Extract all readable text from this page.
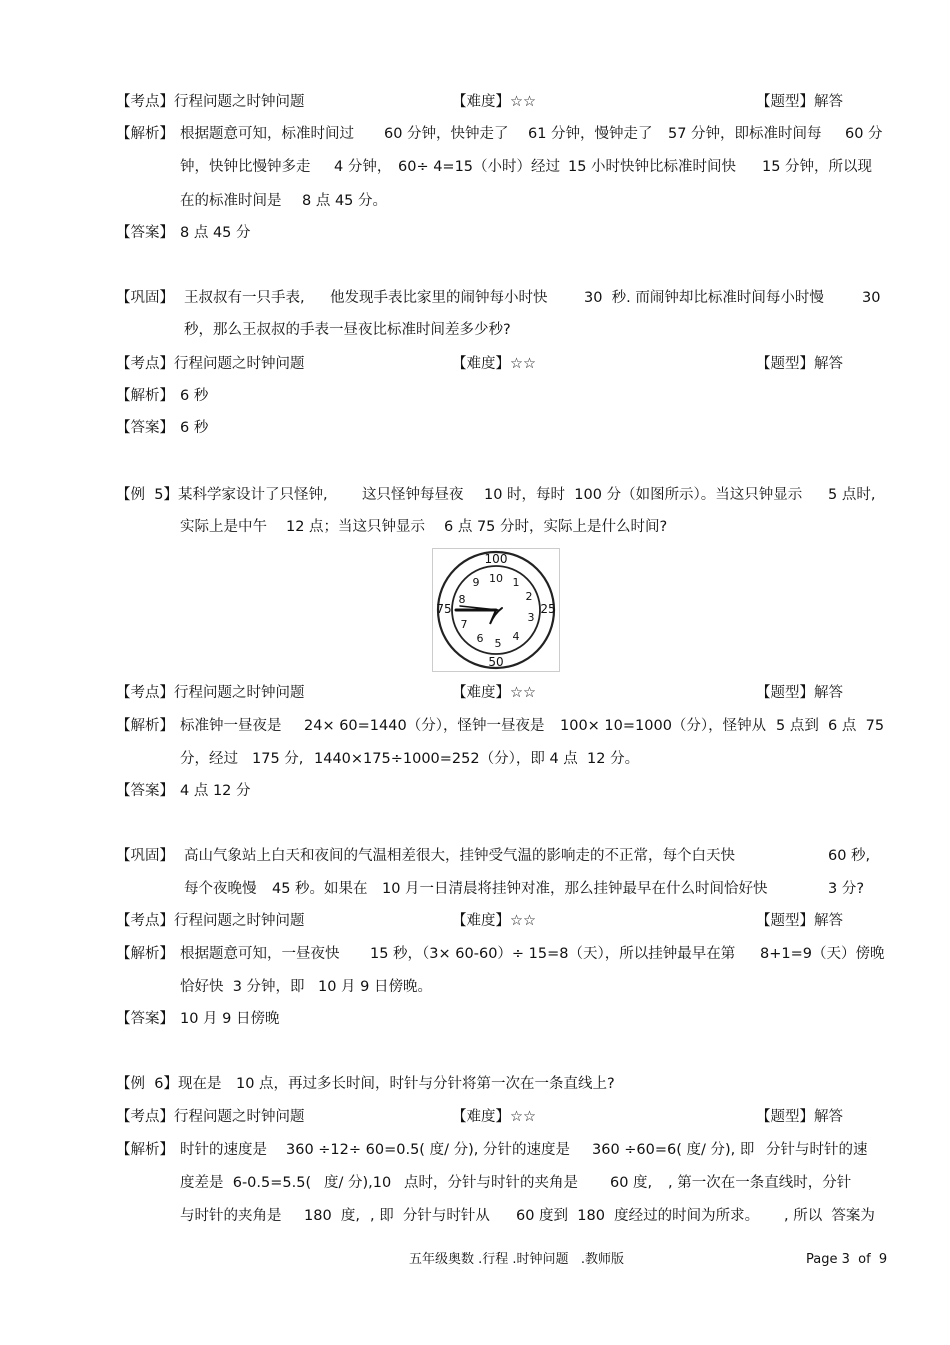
【考点】行程问题之时钟问题	【难度】☆☆	【题型】解答
【解析】 根据题意可知，标准时间过 60 分钟，快钟走了 61 分钟，慢钟走了 57 分钟，即标准时间每 60 分
钟，快钟比慢钟多走 4 分钟， 60÷ 4=15（小时）经过 15 小时快钟比标准时间快 15 分钟，所以现
在的标准时间是 8 点 45 分。
【答案】 8 点 45 分
【巩固】 王叔叔有一只手表, 他发现手表比家里的闹钟每小时快	30  秒. 而闹钟却比标准时间每小时慢	30
秒，那么王叔叔的手表一昼夜比标准时间差多少秒?
【考点】行程问题之时钟问题	【难度】☆☆	【题型】解答
【解析】 6 秒
【答案】 6 秒
【例  5】某科学家设计了只怪钟, 这只怪钟每昼夜 10 时，每时  100 分（如图所示）。当这只钟显示 5 点时,
实际上是中午 12 点；当这只钟显示 6 点 75 分时，实际上是什么时间?
【考点】行程问题之时钟问题	【难度】☆☆	【题型】解答
【解析】 标准钟一昼夜是 24× 60=1440（分），怪钟一昼夜是 100× 10=1000（分），怪钟从 5 点到  6 点  75
分，经过 175 分, 1440×175÷1000=252（分），即 4 点  12 分。
【答案】 4 点 12 分
【巩固】 高山气象站上白天和夜间的气温相差很大，挂钟受气温的影响走的不正常，每个白天快	60 秒,
每个夜晚慢 45 秒。如果在 10 月一日清晨将挂钟对准，那么挂钟最早在什么时间恰好快	3 分?
【考点】行程问题之时钟问题	【难度】☆☆	【题型】解答
【解析】 根据题意可知，一昼夜快 15 秒，（3× 60-60）÷ 15=8（天），所以挂钟最早在第 8+1=9（天）傍晚
恰好快  3 分钟，即 10 月 9 日傍晚。
【答案】 10 月 9 日傍晚
【例  6】现在是 10 点，再过多长时间，时针与分针将第一次在一条直线上?
【考点】行程问题之时钟问题	【难度】☆☆	【题型】解答
【解析】 时针的速度是 360 ÷12÷ 60=0.5( 度/ 分), 分针的速度是 360 ÷60=6( 度/ 分), 即 分针与时针的速
度差是  6-0.5=5.5( 度/ 分),10 点时，分针与时针的夹角是 60 度, , 第一次在一条直线时，分针
与时针的夹角是 180  度, , 即  分针与时针从 60 度到  180  度经过的时间为所求。 , 所以  答案为
100
75	25
50
10 1
2
3
4
5
6
7
8
9
五年级奥数 .行程 .时钟问题   .教师版	Page 3  of  9
